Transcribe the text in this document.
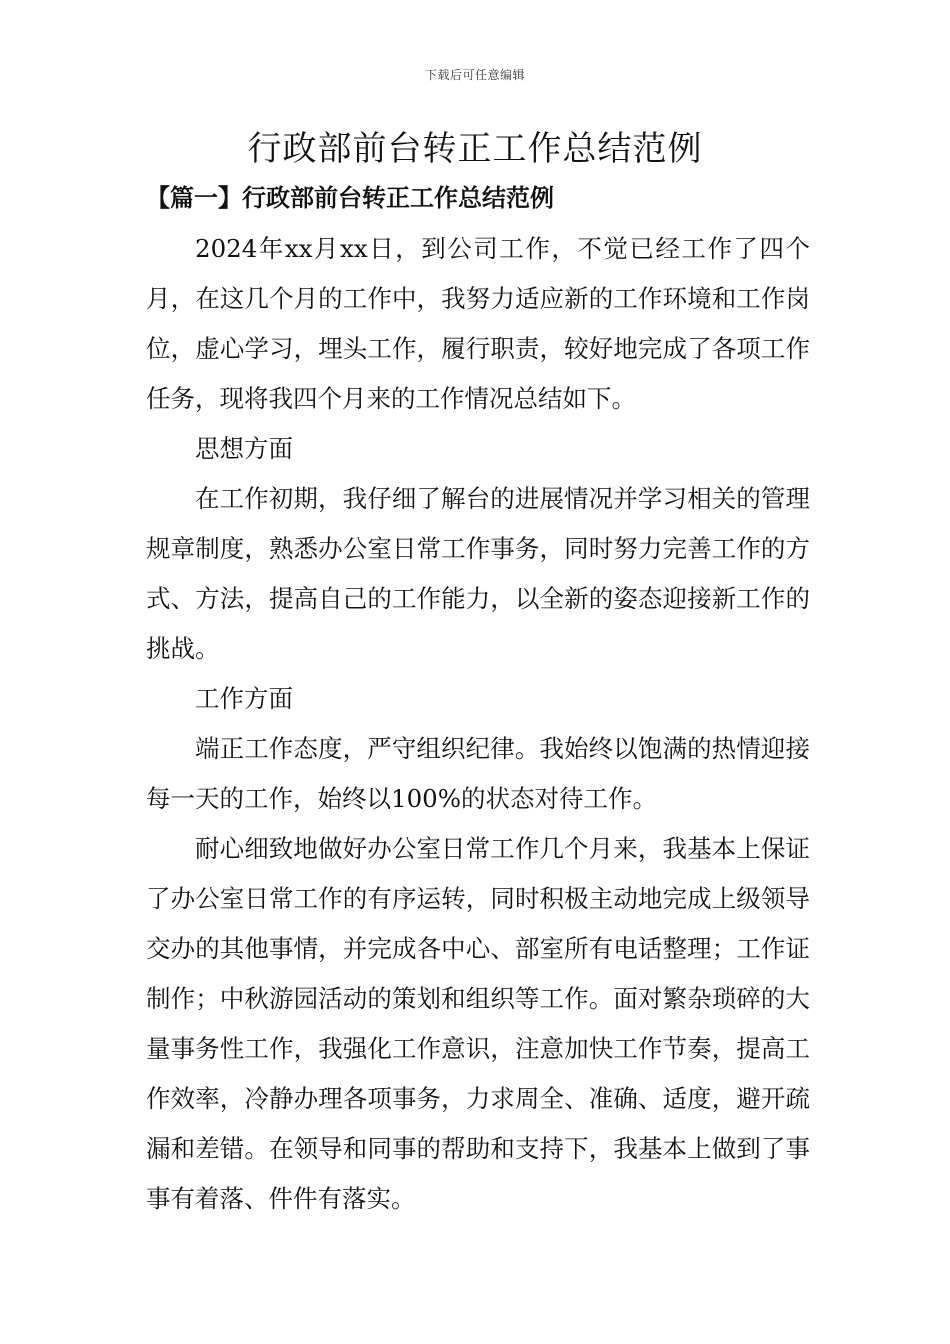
下载后可任意编辑
行政部前台转正工作总结范例
【篇一】行政部前台转正工作总结范例

2024年xx月xx日，到公司工作，不觉已经工作了四个月，在这几个月的工作中，我努力适应新的工作环境和工作岗位，虚心学习，埋头工作，履行职责，较好地完成了各项工作任务，现将我四个月来的工作情况总结如下。

思想方面

在工作初期，我仔细了解台的进展情况并学习相关的管理规章制度，熟悉办公室日常工作事务，同时努力完善工作的方式、方法，提高自己的工作能力，以全新的姿态迎接新工作的挑战。

工作方面

端正工作态度，严守组织纪律。我始终以饱满的热情迎接每一天的工作，始终以100%的状态对待工作。

耐心细致地做好办公室日常工作几个月来，我基本上保证了办公室日常工作的有序运转，同时积极主动地完成上级领导交办的其他事情，并完成各中心、部室所有电话整理；工作证制作；中秋游园活动的策划和组织等工作。面对繁杂琐碎的大量事务性工作，我强化工作意识，注意加快工作节奏，提高工作效率，冷静办理各项事务，力求周全、准确、适度，避开疏漏和差错。在领导和同事的帮助和支持下，我基本上做到了事事有着落、件件有落实。
